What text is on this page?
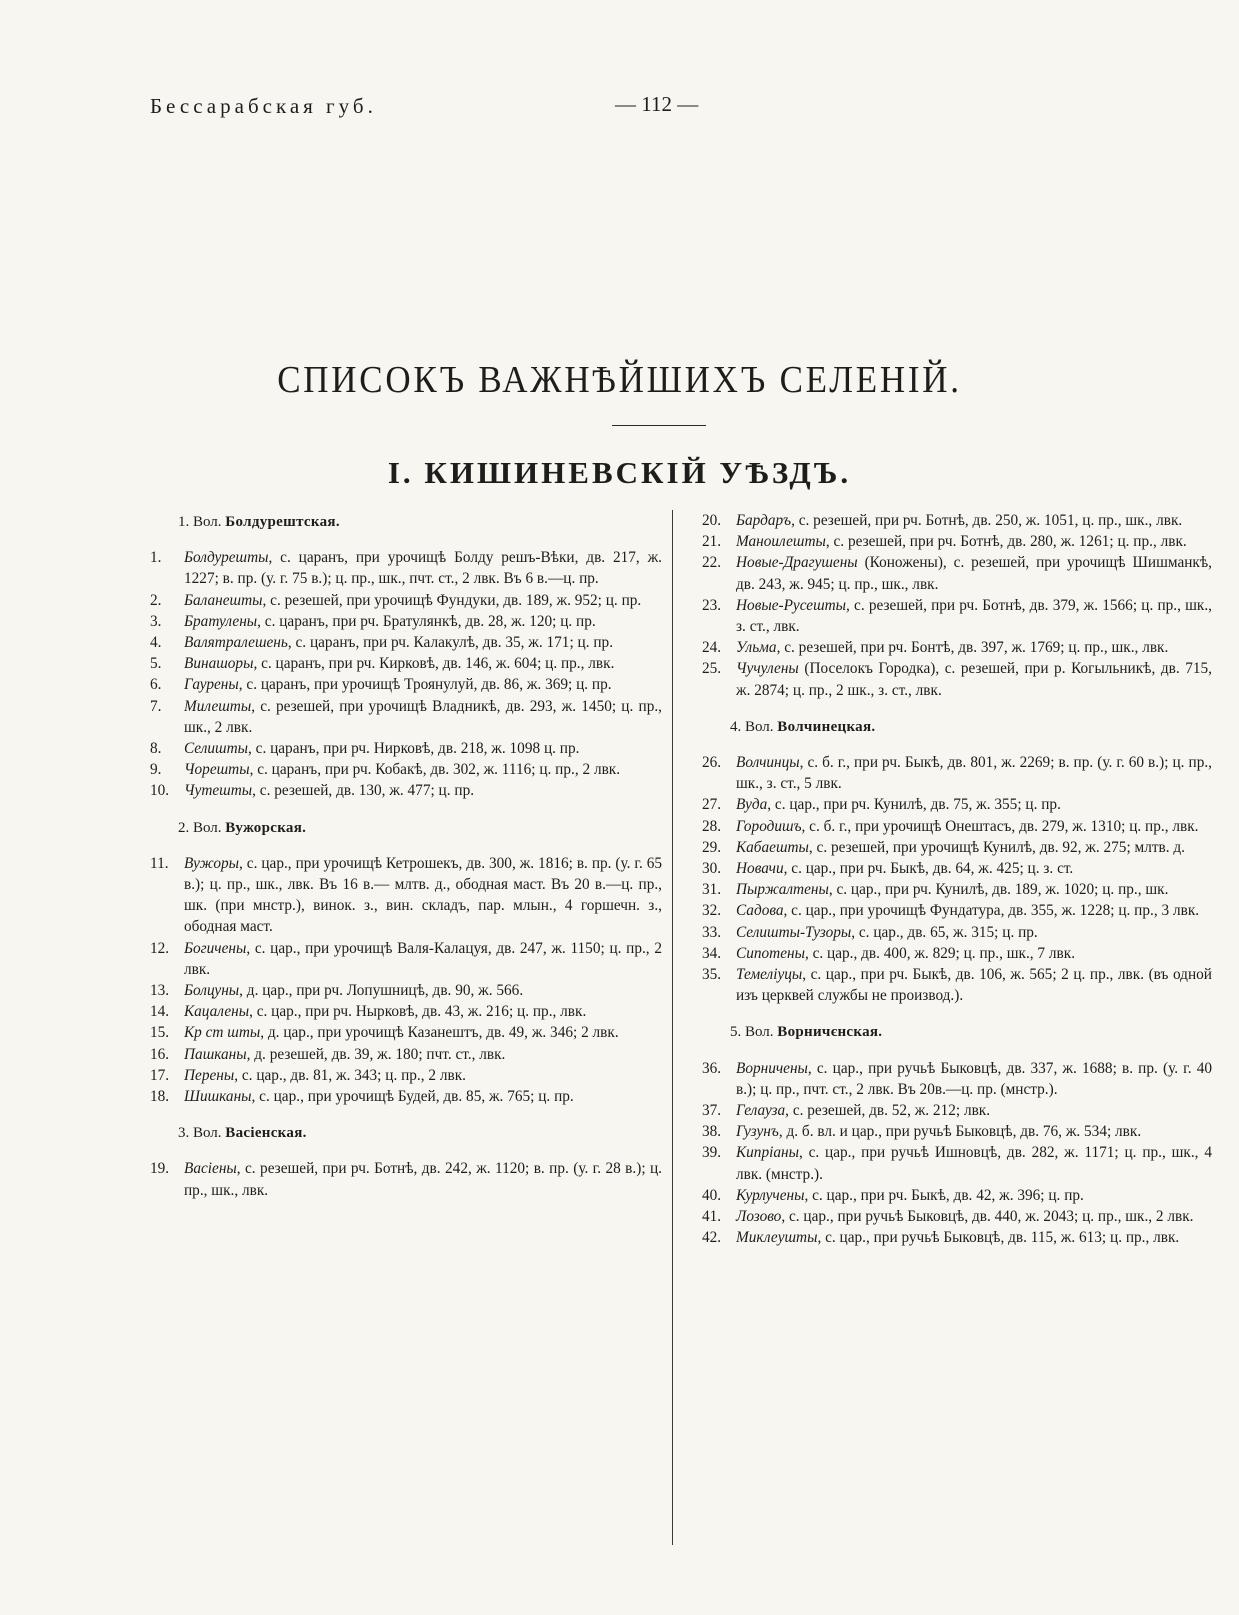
Бессарабская губ.	— 112 —
СПИСОКЪ ВАЖНѢЙШИХЪ СЕЛЕНІЙ.
I. КИШИНЕВСКІЙ УѢЗДЪ.
1. Вол. Болдурештская.
1.	Болдурешты, с. царанъ, при урочищѣ Болду решъ-Вѣки, дв. 217, ж. 1227; в. пр. (у. г. 75 в.); ц. пр., шк., пчт. ст., 2 лвк. Въ 6 в.—ц. пр.
2.	Баланешты, с. резешей, при урочищѣ Фундуки, дв. 189, ж. 952; ц. пр.
3.	Братулены, с. царанъ, при рч. Братулянкѣ, дв. 28, ж. 120; ц. пр.
4.	Валятралешень, с. царанъ, при рч. Калакулѣ, дв. 35, ж. 171; ц. пр.
5.	Винашоры, с. царанъ, при рч. Кирковѣ, дв. 146, ж. 604; ц. пр., лвк.
6.	Гаурены, с. царанъ, при урочищѣ Троянулуй, дв. 86, ж. 369; ц. пр.
7.	Милешты, с. резешей, при урочищѣ Владникѣ, дв. 293, ж. 1450; ц. пр., шк., 2 лвк.
8.	Селишты, с. царанъ, при рч. Нирковѣ, дв. 218, ж. 1098 ц. пр.
9.	Чорешты, с. царанъ, при рч. Кобакѣ, дв. 302, ж. 1116; ц. пр., 2 лвк.
10. Чутешты, с. резешей, дв. 130, ж. 477; ц. пр.
2. Вол. Вужорская.
11.	Вужоры, с. цар., при урочищѣ Кетрошекъ, дв. 300, ж. 1816; в. пр. (у. г. 65 в.); ц. пр., шк., лвк. Въ 16 в.— млтв. д., ободная маст. Въ 20 в.—ц. пр., шк. (при мнстр.), винок. з., вин. складъ, пар. млын., 4 горшечн. з., ободная маст.
12. Богичены, с. цар., при урочищѣ Валя-Калацуя, дв. 247, ж. 1150; ц. пр., 2 лвк.
13. Болцуны, д. цар., при рч. Лопушницѣ, дв. 90, ж. 566.
14. Кацалены, с. цар., при рч. Нырковѣ, дв. 43, ж. 216; ц. пр., лвк.
15. Кр ст шты, д. цар., при урочищѣ Казанештъ, дв. 49, ж. 346; 2 лвк.
16. Пашканы, д. резешей, дв. 39, ж. 180; пчт. ст., лвк.
17. Перены, с. цар., дв. 81, ж. 343; ц. пр., 2 лвк.
18. Шишканы, с. цар., при урочищѣ Будей, дв. 85, ж. 765; ц. пр.
3. Вол. Васіенская.
19. Васіены, с. резешей, при рч. Ботнѣ, дв. 242, ж. 1120; в. пр. (у. г. 28 в.); ц. пр., шк., лвк.
20. Бардаръ, с. резешей, при рч. Ботнѣ, дв. 250, ж. 1051, ц. пр., шк., лвк.
21. Маноилешты, с. резешей, при рч. Ботнѣ, дв. 280, ж. 1261; ц. пр., лвк.
22. Новые-Драгушены (Коножены), с. резешей, при урочищѣ Шишманкѣ, дв. 243, ж. 945; ц. пр., шк., лвк.
23. Новые-Русешты, с. резешей, при рч. Ботнѣ, дв. 379, ж. 1566; ц. пр., шк., з. ст., лвк.
24. Ульма, с. резешей, при рч. Бонтѣ, дв. 397, ж. 1769; ц. пр., шк., лвк.
25. Чучулены (Поселокъ Городка), с. резешей, при р. Когыльникѣ, дв. 715, ж. 2874; ц. пр., 2 шк., з. ст., лвк.
4. Вол. Волчинецкая.
26. Волчинцы, с. б. г., при рч. Быкѣ, дв. 801, ж. 2269; в. пр. (у. г. 60 в.); ц. пр., шк., з. ст., 5 лвк.
27. Вуда, с. цар., при рч. Кунилѣ, дв. 75, ж. 355; ц. пр.
28. Городишъ, с. б. г., при урочищѣ Онештасъ, дв. 279, ж. 1310; ц. пр., лвк.
29. Кабаешты, с. резешей, при урочищѣ Кунилѣ, дв. 92, ж. 275; млтв. д.
30. Новачи, с. цар., при рч. Быкѣ, дв. 64, ж. 425; ц. з. ст.
31. Пыржалтены, с. цар., при рч. Кунилѣ, дв. 189, ж. 1020; ц. пр., шк.
32. Садова, с. цар., при урочищѣ Фундатура, дв. 355, ж. 1228; ц. пр., 3 лвк.
33. Селишты-Тузоры, с. цар., дв. 65, ж. 315; ц. пр.
34. Сипотены, с. цар., дв. 400, ж. 829; ц. пр., шк., 7 лвк.
35. Темелiуцы, с. цар., при рч. Быкѣ, дв. 106, ж. 565; 2 ц. пр., лвк. (въ одной изъ церквей службы не производ.).
5. Вол. Ворничєнская.
36. Ворничены, с. цар., при ручьѣ Быковцѣ, дв. 337, ж. 1688; в. пр. (у. г. 40 в.); ц. пр., пчт. ст., 2 лвк. Въ 20в.—ц. пр. (мнстр.).
37. Гелауза, с. резешей, дв. 52, ж. 212; лвк.
38. Гузунъ, д. б. вл. и цар., при ручьѣ Быковцѣ, дв. 76, ж. 534; лвк.
39. Кипріаны, с. цар., при ручьѣ Ишновцѣ, дв. 282, ж. 1171; ц. пр., шк., 4 лвк. (мнстр.).
40. Курлучены, с. цар., при рч. Быкѣ, дв. 42, ж. 396; ц. пр.
41. Лозово, с. цар., при ручьѣ Быковцѣ, дв. 440, ж. 2043; ц. пр., шк., 2 лвк.
42. Миклеушты, с. цар., при ручьѣ Быковцѣ, дв. 115, ж. 613; ц. пр., лвк.
